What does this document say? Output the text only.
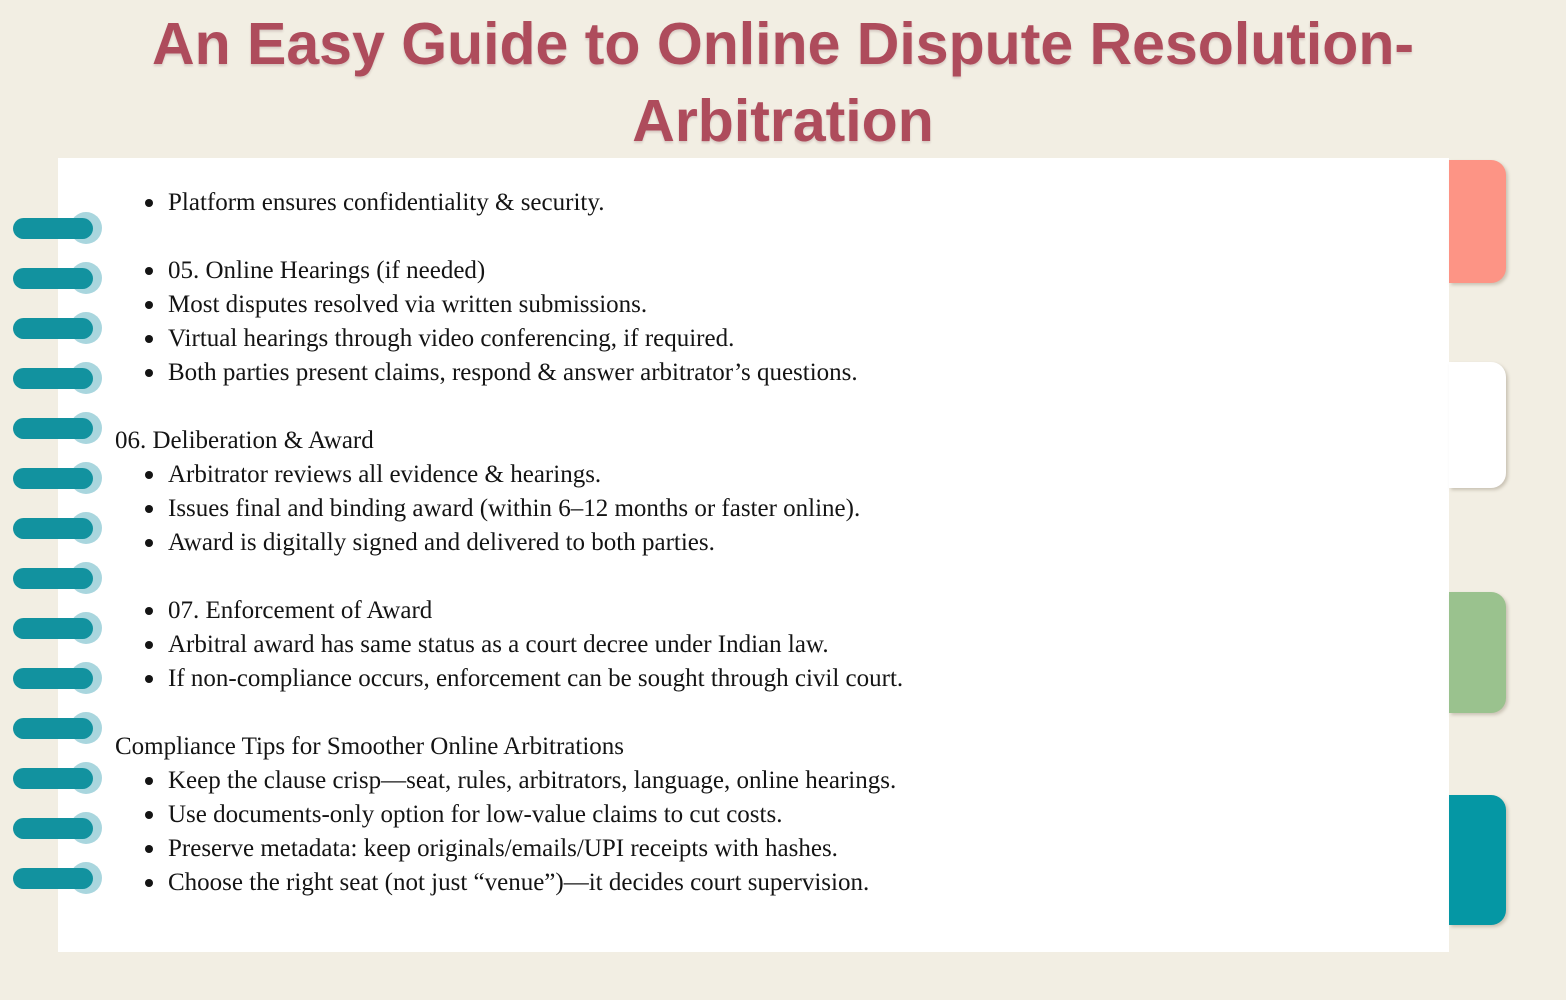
An Easy Guide to Online Dispute Resolution-
Arbitration
Platform ensures confidentiality & security.
05. Online Hearings (if needed)
Most disputes resolved via written submissions.
Virtual hearings through video conferencing, if required.
Both parties present claims, respond & answer arbitrator’s questions.
06. Deliberation & Award
Arbitrator reviews all evidence & hearings.
Issues final and binding award (within 6–12 months or faster online).
Award is digitally signed and delivered to both parties.
07. Enforcement of Award
Arbitral award has same status as a court decree under Indian law.
If non-compliance occurs, enforcement can be sought through civil court.
Compliance Tips for Smoother Online Arbitrations
Keep the clause crisp—seat, rules, arbitrators, language, online hearings.
Use documents-only option for low-value claims to cut costs.
Preserve metadata: keep originals/emails/UPI receipts with hashes.
Choose the right seat (not just “venue”)—it decides court supervision.
